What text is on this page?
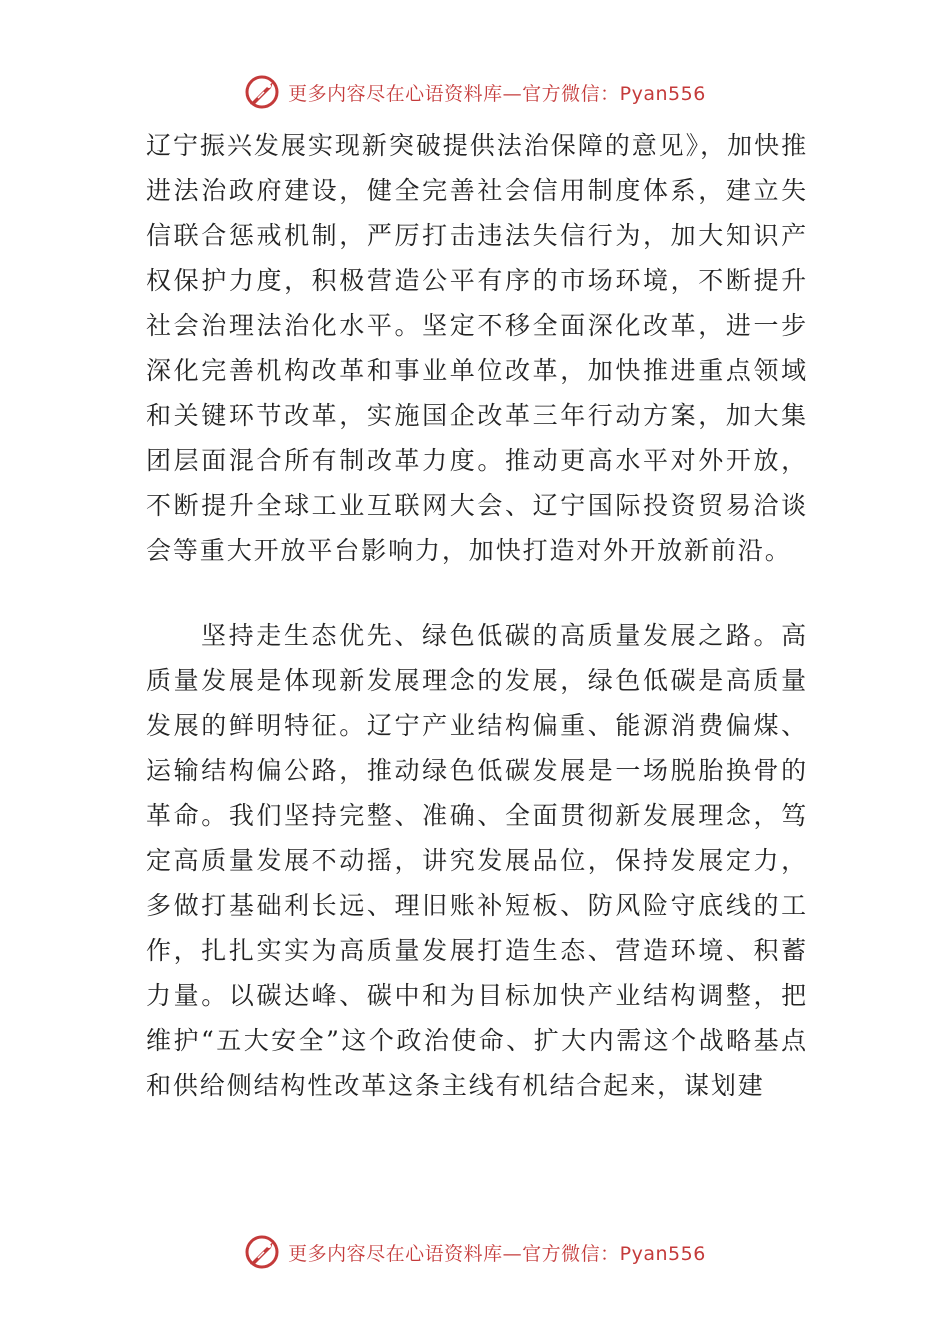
更多内容尽在心语资料库—官方微信：Pyan556

辽宁振兴发展实现新突破提供法治保障的意见》，加快推进法治政府建设，健全完善社会信用制度体系，建立失信联合惩戒机制，严厉打击违法失信行为，加大知识产权保护力度，积极营造公平有序的市场环境，不断提升社会治理法治化水平。坚定不移全面深化改革，进一步深化完善机构改革和事业单位改革，加快推进重点领域和关键环节改革，实施国企改革三年行动方案，加大集团层面混合所有制改革力度。推动更高水平对外开放，不断提升全球工业互联网大会、辽宁国际投资贸易洽谈会等重大开放平台影响力，加快打造对外开放新前沿。

坚持走生态优先、绿色低碳的高质量发展之路。高质量发展是体现新发展理念的发展，绿色低碳是高质量发展的鲜明特征。辽宁产业结构偏重、能源消费偏煤、运输结构偏公路，推动绿色低碳发展是一场脱胎换骨的革命。我们坚持完整、准确、全面贯彻新发展理念，笃定高质量发展不动摇，讲究发展品位，保持发展定力，多做打基础利长远、理旧账补短板、防风险守底线的工作，扎扎实实为高质量发展打造生态、营造环境、积蓄力量。以碳达峰、碳中和为目标加快产业结构调整，把维护“五大安全”这个政治使命、扩大内需这个战略基点和供给侧结构性改革这条主线有机结合起来，谋划建

更多内容尽在心语资料库—官方微信：Pyan556
